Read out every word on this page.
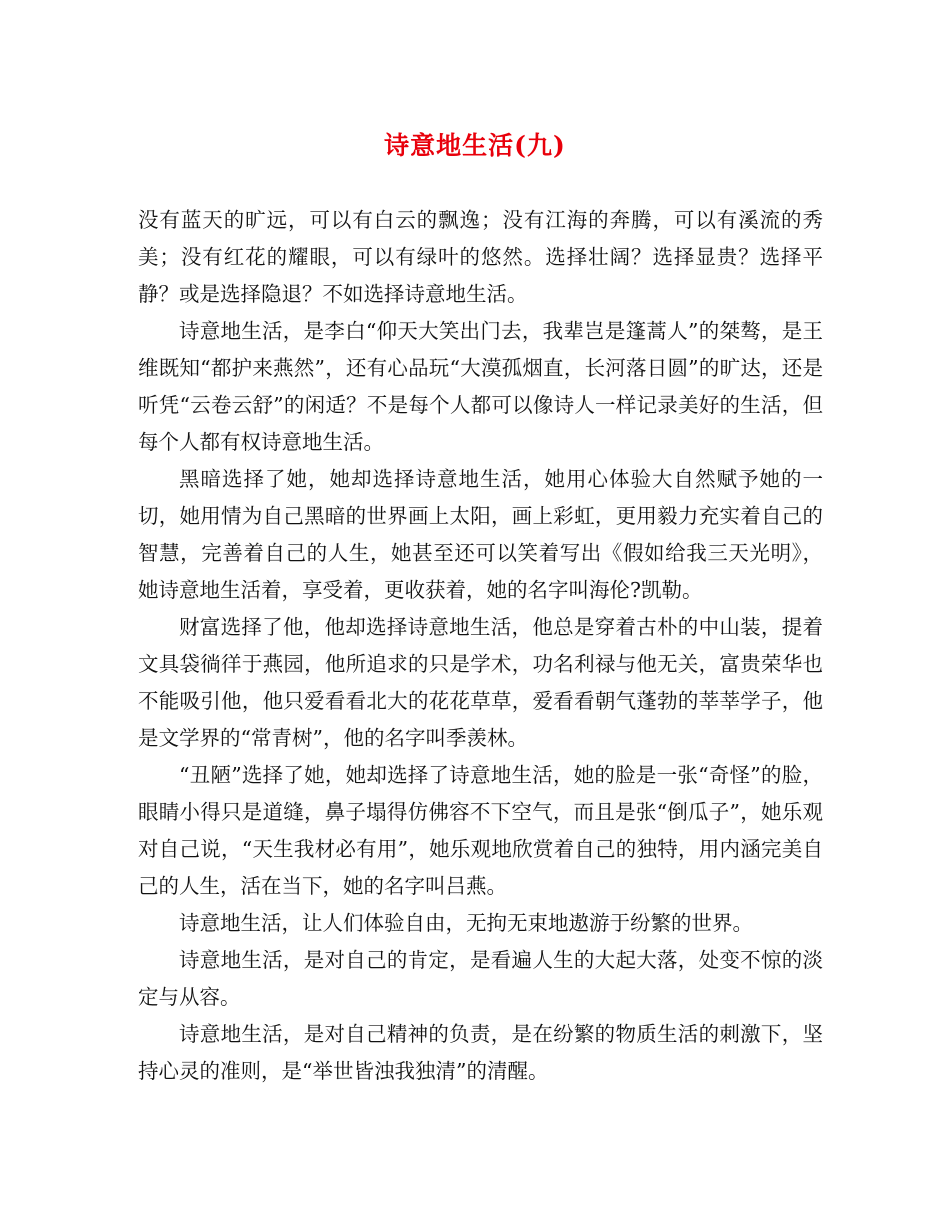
诗意地生活(九)

没有蓝天的旷远，可以有白云的飘逸；没有江海的奔腾，可以有溪流的秀美；没有红花的耀眼，可以有绿叶的悠然。选择壮阔？选择显贵？选择平静？或是选择隐退？不如选择诗意地生活。

诗意地生活，是李白“仰天大笑出门去，我辈岂是篷蒿人”的桀骜，是王维既知“都护来燕然”，还有心品玩“大漠孤烟直，长河落日圆”的旷达，还是听凭“云卷云舒”的闲适？不是每个人都可以像诗人一样记录美好的生活，但每个人都有权诗意地生活。

黑暗选择了她，她却选择诗意地生活，她用心体验大自然赋予她的一切，她用情为自己黑暗的世界画上太阳，画上彩虹，更用毅力充实着自己的智慧，完善着自己的人生，她甚至还可以笑着写出《假如给我三天光明》，她诗意地生活着，享受着，更收获着，她的名字叫海伦?凯勒。

财富选择了他，他却选择诗意地生活，他总是穿着古朴的中山装，提着文具袋徜徉于燕园，他所追求的只是学术，功名利禄与他无关，富贵荣华也不能吸引他，他只爱看看北大的花花草草，爱看看朝气蓬勃的莘莘学子，他是文学界的“常青树”，他的名字叫季羡林。

“丑陋”选择了她，她却选择了诗意地生活，她的脸是一张“奇怪”的脸，眼睛小得只是道缝，鼻子塌得仿佛容不下空气，而且是张“倒瓜子”，她乐观对自己说，“天生我材必有用”，她乐观地欣赏着自己的独特，用内涵完美自己的人生，活在当下，她的名字叫吕燕。

诗意地生活，让人们体验自由，无拘无束地遨游于纷繁的世界。

诗意地生活，是对自己的肯定，是看遍人生的大起大落，处变不惊的淡定与从容。

诗意地生活，是对自己精神的负责，是在纷繁的物质生活的刺激下，坚持心灵的准则，是“举世皆浊我独清”的清醒。
